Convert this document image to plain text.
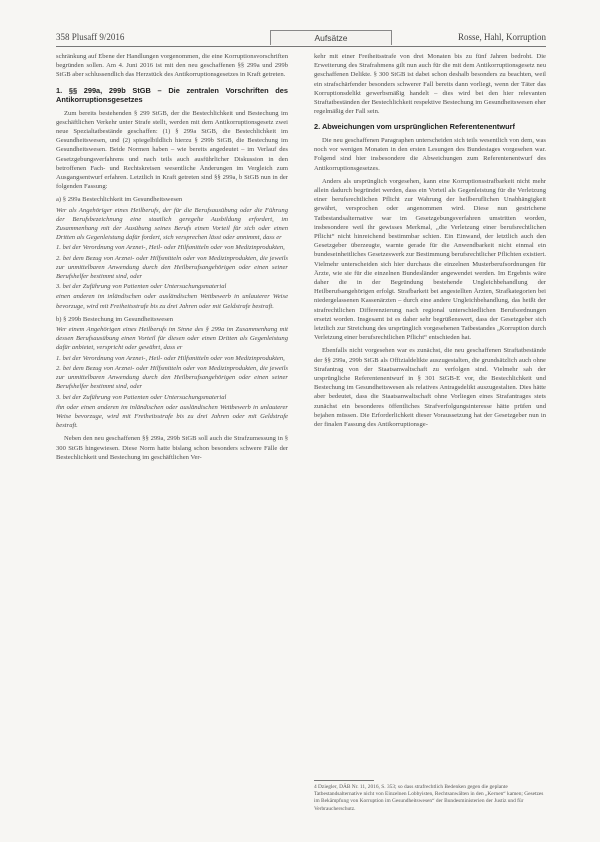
358 Plusaff 9/2016	Aufsätze	Rosse, Hahl, Korruption

schränkung auf Ebene der Handlungen vorgenommen, die eine Korruptionsvorschriften begründen sollen. Am 4. Juni 2016 ist mit den neu geschaffenen §§ 299a und 299b StGB aber schlussendlich das Herzstück des Antikorruptionsgesetzes in Kraft getreten.

1. §§ 299a, 299b StGB – Die zentralen Vorschriften des Antikorruptionsgesetzes

Zum bereits bestehenden § 299 StGB, der die Bestechlichkeit und Bestechung im geschäftlichen Verkehr unter Strafe stellt, werden mit dem Antikorruptionsgesetz zwei neue Spezialtatbestände geschaffen: (1) § 299a StGB, die Bestechlichkeit im Gesundheitswesen, und (2) spiegelbildlich hierzu § 299b StGB, die Bestechung im Gesundheitswesen. Beide Normen haben – wie bereits angedeutet – im Verlauf des Gesetzgebungsverfahrens und nach teils auch ausführlicher Diskussion in den betroffenen Fach- und Rechtskreisen wesentliche Änderungen im Vergleich zum Ausgangsentwurf erfahren. Letztlich in Kraft getreten sind §§ 299a, b StGB nun in der folgenden Fassung:

a) § 299a Bestechlichkeit im Gesundheitswesen
Wer als Angehöriger eines Heilberufs, der für die Berufsausübung oder die Führung der Berufsbezeichnung eine staatlich geregelte Ausbildung erfordert, im Zusammenhang mit der Ausübung seines Berufs einen Vorteil für sich oder einen Dritten als Gegenleistung dafür fordert, sich versprechen lässt oder annimmt, dass er
1. bei der Verordnung von Arznei-, Heil- oder Hilfsmitteln oder von Medizinprodukten,
2. bei dem Bezug von Arznei- oder Hilfsmitteln oder von Medizinprodukten, die jeweils zur unmittelbaren Anwendung durch den Heilberufsangehörigen oder einen seiner Berufshelfer bestimmt sind, oder
3. bei der Zuführung von Patienten oder Untersuchungsmaterial
einen anderen im inländischen oder ausländischen Wettbewerb in unlauterer Weise bevorzuge, wird mit Freiheitsstrafe bis zu drei Jahren oder mit Geldstrafe bestraft.
b) § 299b Bestechung im Gesundheitswesen
Wer einem Angehörigen eines Heilberufs im Sinne des § 299a im Zusammenhang mit dessen Berufsausübung einen Vorteil für diesen oder einen Dritten als Gegenleistung dafür anbietet, verspricht oder gewährt, dass er
1. bei der Verordnung von Arznei-, Heil- oder Hilfsmitteln oder von Medizinprodukten,
2. bei dem Bezug von Arznei- oder Hilfsmitteln oder von Medizinprodukten, die jeweils zur unmittelbaren Anwendung durch den Heilberufsangehörigen oder einen seiner Berufshelfer bestimmt sind, oder
3. bei der Zuführung von Patienten oder Untersuchungsmaterial
ihn oder einen anderen im inländischen oder ausländischen Wettbewerb in unlauterer Weise bevorzuge, wird mit Freiheitsstrafe bis zu drei Jahren oder mit Geldstrafe bestraft.

Neben den neu geschaffenen §§ 299a, 299b StGB soll auch die Strafzumessung in § 300 StGB hingewiesen. Diese Norm hatte bislang schon besonders schwere Fälle der Bestechlichkeit und Bestechung im geschäftlichen Ver-

kehr mit einer Freiheitsstrafe von drei Monaten bis zu fünf Jahren bedroht. Die Erweiterung des Strafrahmens gilt nun auch für die mit dem Antikorruptionsgesetz neu geschaffenen Delikte. § 300 StGB ist dabei schon deshalb besonders zu beachten, weil ein strafschärfender besonders schwerer Fall bereits dann vorliegt, wenn der Täter das Korruptionsdelikt gewerbsmäßig handelt – dies wird bei den hier relevanten Straftatbeständen der Bestechlichkeit respektive Bestechung im Gesundheitswesen eher regelmäßig der Fall sein.

2. Abweichungen vom ursprünglichen Referentenentwurf

Die neu geschaffenen Paragraphen unterscheiden sich teils wesentlich von dem, was noch vor wenigen Monaten in den ersten Lesungen des Bundestages vorgesehen war. Folgend sind hier insbesondere die Abweichungen zum Referentenentwurf des Antikorruptionsgesetzes.

Anders als ursprünglich vorgesehen, kann eine Korruptionsstrafbarkeit nicht mehr allein dadurch begründet werden, dass ein Vorteil als Gegenleistung für die Verletzung einer berufsrechtlichen Pflicht zur Wahrung der heilberuflichen Unabhängigkeit gewährt, versprochen oder angenommen wird. Diese nun gestrichene Tatbestandsalternative war im Gesetzgebungsverfahren umstritten worden, insbesondere weil ihr gewisses Merkmal, „die Verletzung einer berufsrechtlichen Pflicht“ nicht hinreichend bestimmbar schien. Ein Einwand, der letztlich auch den Gesetzgeber überzeugte, warnte gerade für die Anwendbarkeit nicht einmal ein bundeseinheitliches Gesetzeswerk zur Bestimmung berufsrechtlicher Pflichten existiert. Vielmehr unterscheiden sich hier durchaus die einzelnen Musterberufsordnungen für Ärzte, wie sie für die einzelnen Bundesländer angewendet werden. Im Ergebnis wäre daher die in der Begründung bestehende Ungleichbehandlung der Heilberufsangehörigen erfolgt. Strafbarkeit bei angestellten Ärzten, Strafkategorien bei niedergelassenen Kassenärzten – durch eine andere Ungleichbehandlung, das heißt der strafrechtlichen Differenzierung nach regional unterschiedlichen Berufsordnungen ersetzt worden. Insgesamt ist es daher sehr begrüßenswert, dass der Gesetzgeber sich letztlich zur Streichung des ursprünglich vorgesehenen Tatbestandes „Korruption durch Verletzung einer berufsrechtlichen Pflicht“ entschieden hat.

Ebenfalls nicht vorgesehen war es zunächst, die neu geschaffenen Straftatbestände der §§ 299a, 299b StGB als Offizialdelikte auszugestalten, die grundsätzlich auch ohne Strafantrag von der Staatsanwaltschaft zu verfolgen sind. Vielmehr sah der ursprüngliche Referentenentwurf in § 301 StGB-E vor, die Bestechlichkeit und Bestechung im Gesundheitswesen als relatives Antragsdelikt auszugestalten. Dies hätte aber bedeutet, dass die Staatsanwaltschaft ohne Vorliegen eines Strafantrages stets zunächst ein besonderes öffentliches Strafverfolgungsinteresse hätte prüfen und bejahen müssen. Die Erforderlichkeit dieser Voraussetzung hat der Gesetzgeber nun in der finalen Fassung des Antikorruptionsge-

4 Dziegler, DÄB Nr. 11, 2016, S. 353; so dass strafrechtlich Bedenken gegen die geplante Tatbestandsalternative nicht von Einzelnen Lobbyisten, Rechtsanwälten in den „Kernen“ kamen; Gesetzes im Bekämpfung von Korruption im Gesundheitswesen“ der Bundesministerien der Justiz und für Verbraucherschutz.
